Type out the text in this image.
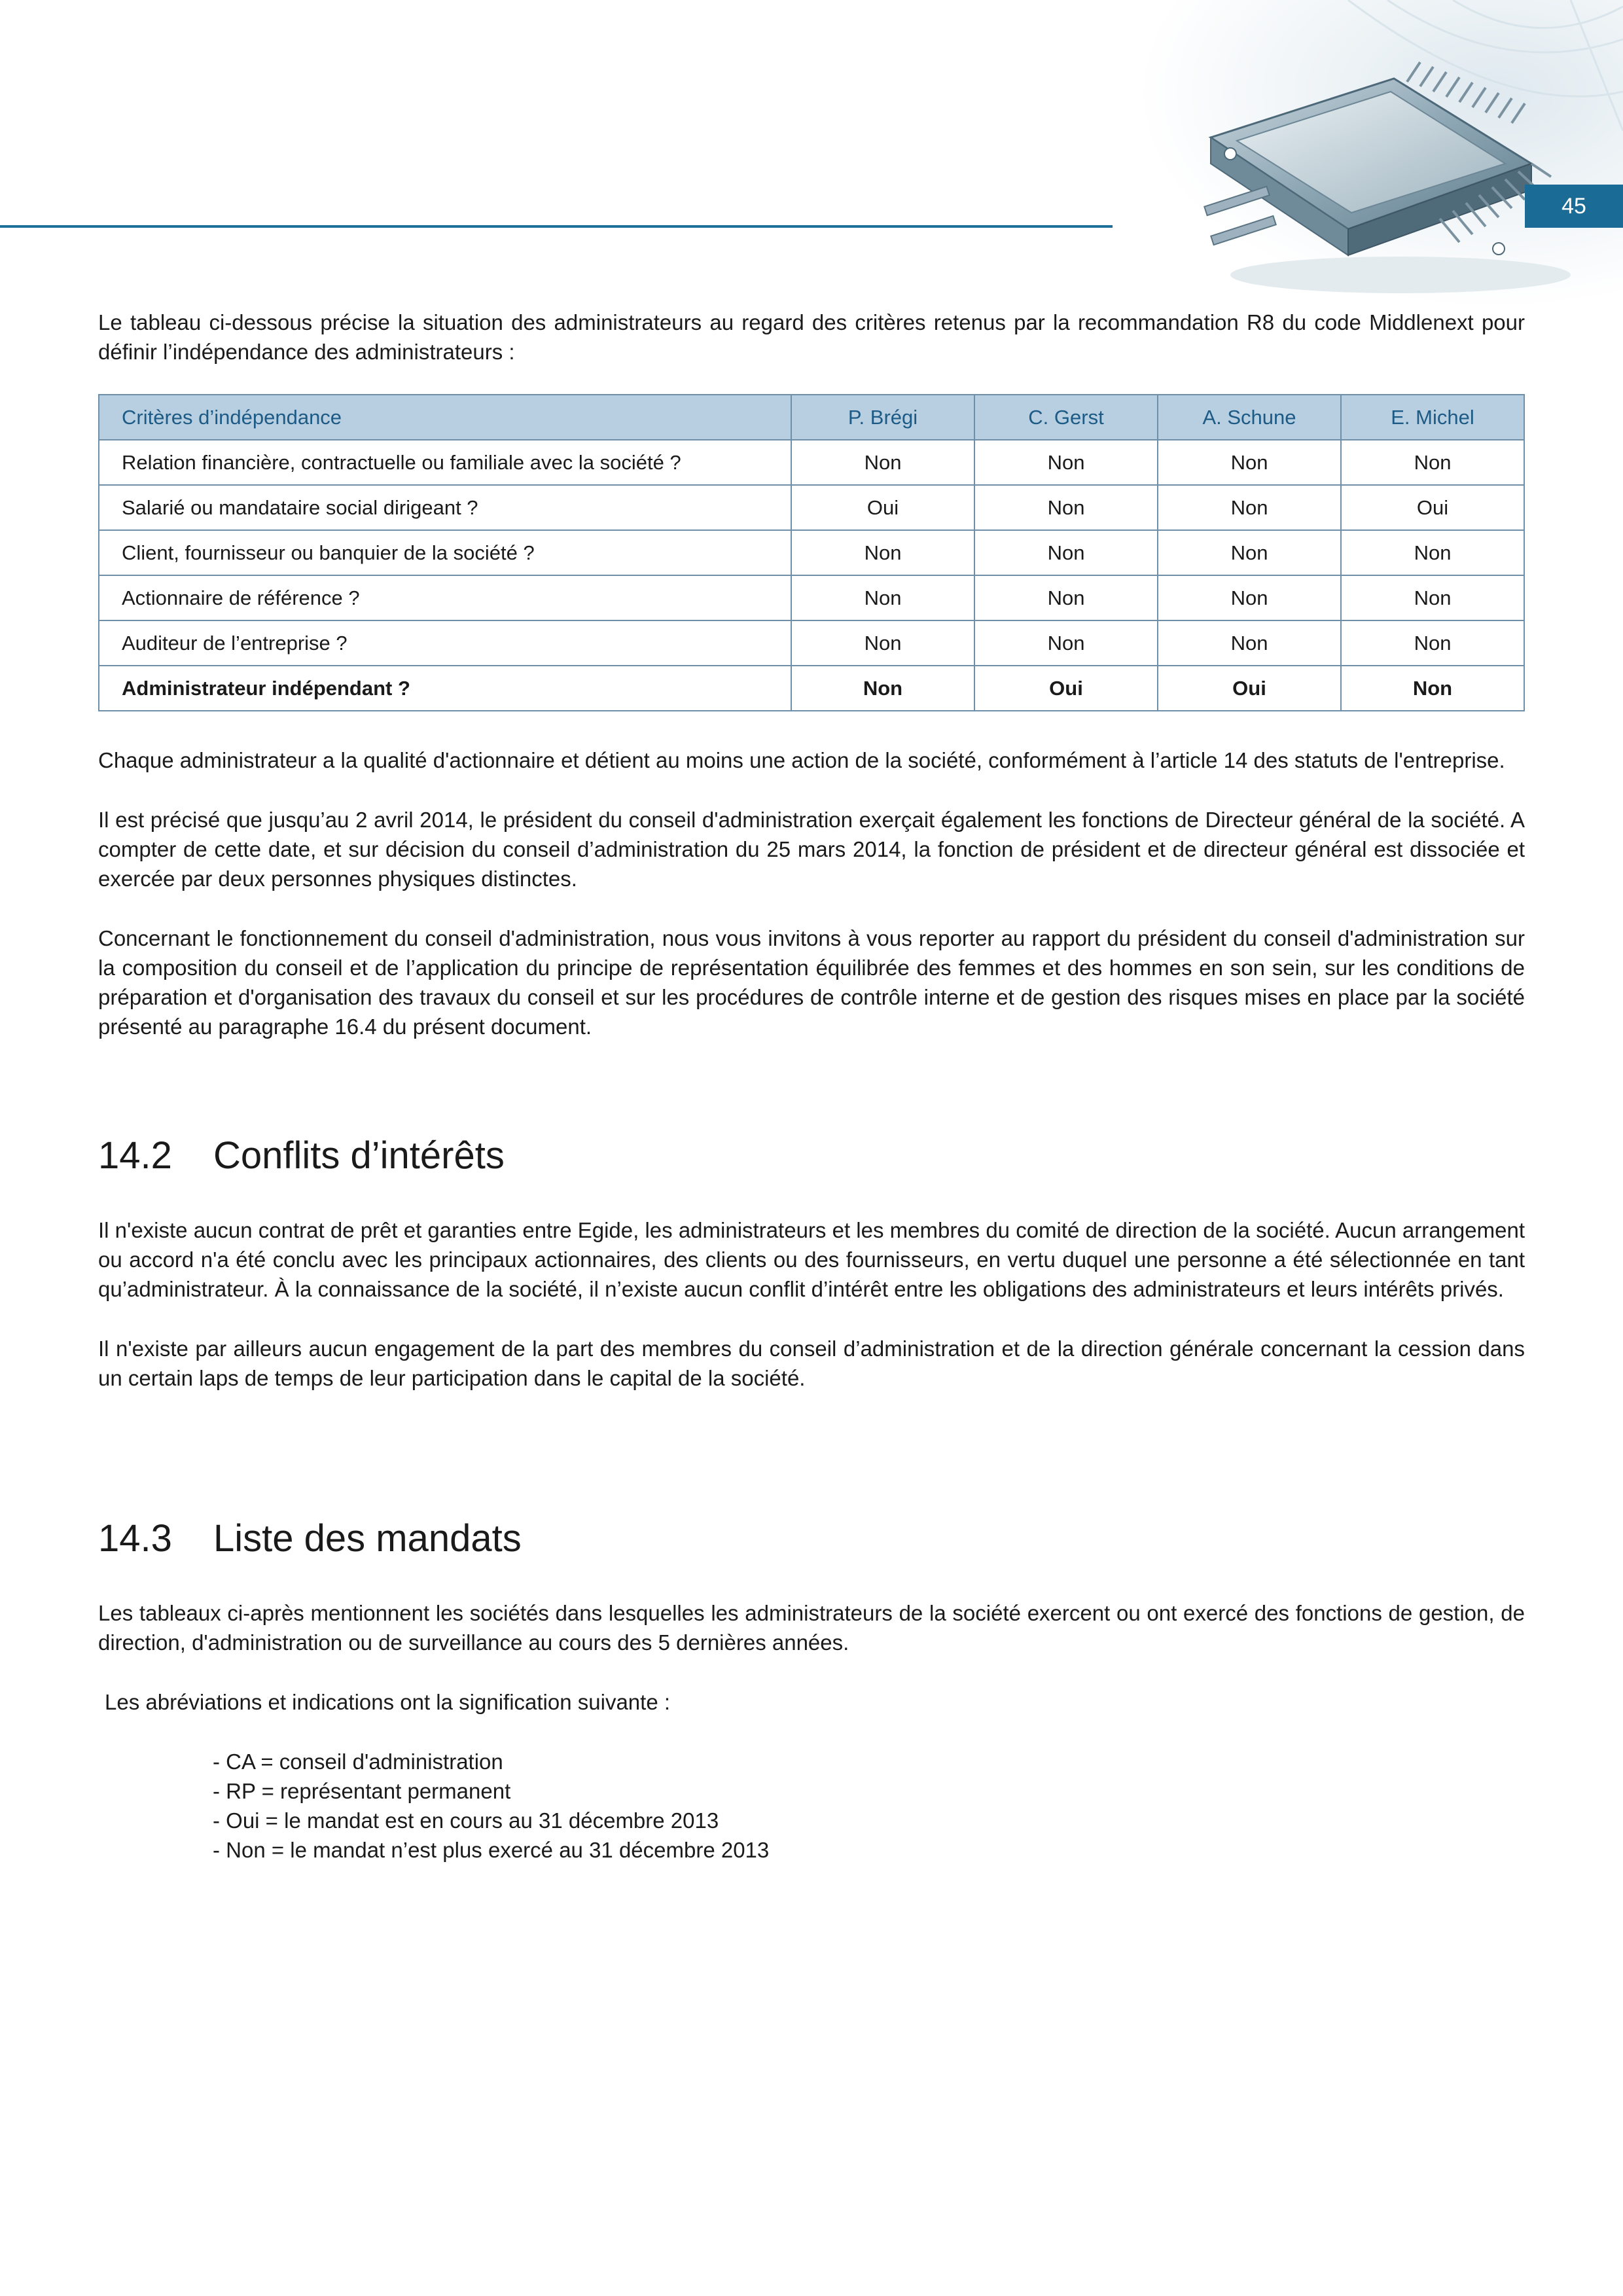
45

Le tableau ci-dessous précise la situation des administrateurs au regard des critères retenus par la recommandation R8 du code Middlenext pour définir l’indépendance des administrateurs :

Critères d’indépendance	P. Brégi	C. Gerst	A. Schune	E. Michel
Relation financière, contractuelle ou familiale avec la société ?	Non	Non	Non	Non
Salarié ou mandataire social dirigeant ?	Oui	Non	Non	Oui
Client, fournisseur ou banquier de la société ?	Non	Non	Non	Non
Actionnaire de référence ?	Non	Non	Non	Non
Auditeur de l’entreprise ?	Non	Non	Non	Non
Administrateur indépendant ?	Non	Oui	Oui	Non

Chaque administrateur a la qualité d'actionnaire et détient au moins une action de la société, conformément à l’article 14 des statuts de l'entreprise.

Il est précisé que jusqu’au 2 avril 2014, le président du conseil d'administration exerçait également les fonctions de Directeur général de la société. A compter de cette date, et sur décision du conseil d’administration du 25 mars 2014, la fonction de président et de directeur général est dissociée et exercée par deux personnes physiques distinctes.

Concernant le fonctionnement du conseil d'administration, nous vous invitons à vous reporter au rapport du président du conseil d'administration sur la composition du conseil et de l’application du principe de représentation équilibrée des femmes et des hommes en son sein, sur les conditions de préparation et d'organisation des travaux du conseil et sur les procédures de contrôle interne et de gestion des risques mises en place par la société présenté au paragraphe 16.4 du présent document.

14.2 Conflits d’intérêts

Il n'existe aucun contrat de prêt et garanties entre Egide, les administrateurs et les membres du comité de direction de la société. Aucun arrangement ou accord n'a été conclu avec les principaux actionnaires, des clients ou des fournisseurs, en vertu duquel une personne a été sélectionnée en tant qu’administrateur. À la connaissance de la société, il n’existe aucun conflit d’intérêt entre les obligations des administrateurs et leurs intérêts privés.

Il n'existe par ailleurs aucun engagement de la part des membres du conseil d’administration et de la direction générale concernant la cession dans un certain laps de temps de leur participation dans le capital de la société.

14.3 Liste des mandats

Les tableaux ci-après mentionnent les sociétés dans lesquelles les administrateurs de la société exercent ou ont exercé des fonctions de gestion, de direction, d'administration ou de surveillance au cours des 5 dernières années.

Les abréviations et indications ont la signification suivante :

- CA = conseil d'administration
- RP = représentant permanent
- Oui = le mandat est en cours au 31 décembre 2013
- Non = le mandat n’est plus exercé au 31 décembre 2013
